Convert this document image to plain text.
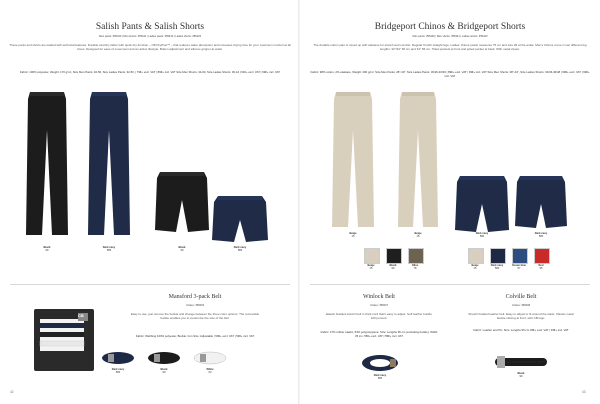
Salish Pants & Salish Shorts
Men pants: 355440 | Men shorts: 355441 | Ladies pants: 355442 | Ladies shorts: 355443
These pants and shorts are loaded with technical features. Durable stretchy fabric with quick dry function – CB DryPlus™ – that reduces water absorption and increases drying time for your maximum comfort at all times. Designed for ease of movement and an active lifestyle. Button adjustment and silicone gripper at waist.
Fabric: 100% polyester, Weight: 170 g/m², Size Men Pants: 46-56, Size Ladies Pants: 32-50, | 79€+ excl. VAT | 89€+ incl. VAT Size Men Shorts: 44-60, Size Ladies Shorts: 36-44 | 61€+ excl. VAT | 69€+ incl. VAT
Black
99
Dark navy
580
Black
99
Dark navy
580
Mansford 3-pack Belt
Unisex: 358403
Easy to use, just remove the buckle and change between the three color options. The removable buckle enables you to customize the size of the belt.
Fabric: Webbing 100% polyester, Buckle: Iron Size: Adjustable | 59€+ excl. VAT | 59€+ incl. VAT
CB
Dark navy
580
Black
99
White
00
42
Bridgeport Chinos & Bridgeport Shorts
Men pants: 355440 | Men shorts: 355441 | Ladies shorts: 355443
The durable cotton pant is mixed up with elastane for stretch and comfort. Regular fit with straight legs. Ladies' chinos (waist measures 75 cm and size 26 at the ankle. Men's Chinos come in two different leg lengths: 32"/34" 82 cm and 34" 86 cm. Tilted pockets at front and jetted pocket at back. With metal zipper.
Fabric: 98% cotton, 2% elastane, Weight: 290 g/m², Size Men Pants: 28"-40", Size Ladies Pants: 30/26-46/30 | 89€+ excl. VAT | 99€+ incl. VAT Size Men Shorts: 28"-44", Size Ladies Shorts: 34/36-46/48 | 69€+ excl. VAT | 69€+ incl. VAT
Beige
15
Beige
15
Dark navy
580
Dark navy
580
Beige
15
Black
99
Olive
78
Beige
15
Dark navy
580
Ocean blue
57
Red
35
Winlock Belt
Unisex: 358407
Elastic braided stretch belt in thick cord that's easy to adjust. Soft leather buckle 100 percent.
Fabric: 47% rubber elastic, 53% polypropylene. Size: Lengths 96 cm (excluding buckle), Width 35 cm. 55€+ excl. VAT | 55€+ incl. VAT
Dark navy
580
Colville Belt
Unisex: 358408
Stretch braided leather belt. Easy to adjust to fit around the waist. Classic metal buckle closing at front, with CB logo.
Fabric: Leather and PU, Size: Lengths 95 cm 39€+ excl. VAT | 39€+ incl. VAT
Black
99
43
